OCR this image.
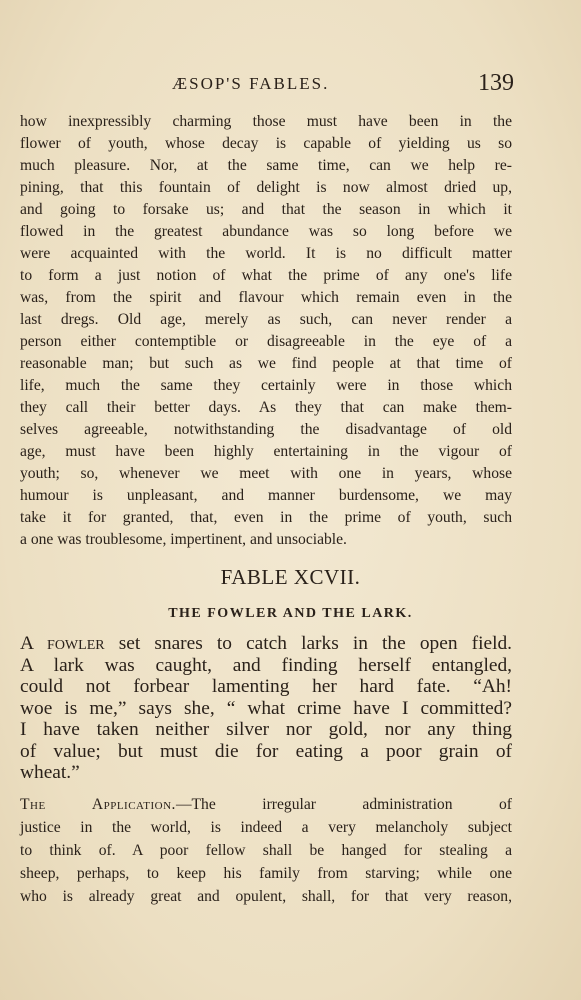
ÆSOP'S FABLES.	139
how inexpressibly charming those must have been in the
flower of youth, whose decay is capable of yielding us so
much pleasure. Nor, at the same time, can we help re-
pining, that this fountain of delight is now almost dried up,
and going to forsake us; and that the season in which it
flowed in the greatest abundance was so long before we
were acquainted with the world. It is no difficult matter
to form a just notion of what the prime of any one's life
was, from the spirit and flavour which remain even in the
last dregs. Old age, merely as such, can never render a
person either contemptible or disagreeable in the eye of a
reasonable man; but such as we find people at that time of
life, much the same they certainly were in those which
they call their better days. As they that can make them-
selves agreeable, notwithstanding the disadvantage of old
age, must have been highly entertaining in the vigour of
youth; so, whenever we meet with one in years, whose
humour is unpleasant, and manner burdensome, we may
take it for granted, that, even in the prime of youth, such
a one was troublesome, impertinent, and unsociable.
FABLE XCVII.
THE FOWLER AND THE LARK.
A fowler set snares to catch larks in the open field.
A lark was caught, and finding herself entangled,
could not forbear lamenting her hard fate. “Ah!
woe is me,” says she, “ what crime have I committed?
I have taken neither silver nor gold, nor any thing
of value; but must die for eating a poor grain of
wheat.”
The Application.—The irregular administration of
justice in the world, is indeed a very melancholy subject
to think of. A poor fellow shall be hanged for stealing a
sheep, perhaps, to keep his family from starving; while one
who is already great and opulent, shall, for that very reason,
